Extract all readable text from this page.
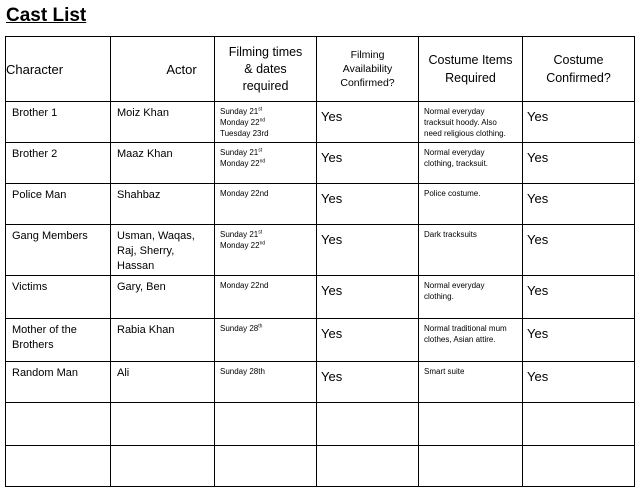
Cast List
Character	Actor	Filming times
& dates
required	Filming
Availability
Confirmed?	Costume Items
Required	Costume
Confirmed?

Brother 1	Moiz Khan	Sunday 21st
Monday 22nd
Tuesday 23rd	Yes	Normal everyday
tracksuit hoody. Also
need religious clothing.	Yes

Brother 2	Maaz Khan	Sunday 21st
Monday 22nd	Yes	Normal everyday
clothing, tracksuit.	Yes

Police Man	Shahbaz	Monday 22nd	Yes	Police costume.	Yes

Gang Members	Usman, Waqas,
Raj, Sherry,
Hassan	Sunday 21st
Monday 22nd	Yes	Dark tracksuits	Yes

Victims	Gary, Ben	Monday 22nd	Yes	Normal everyday
clothing.	Yes

Mother of the
Brothers	Rabia Khan	Sunday 28th	Yes	Normal traditional mum
clothes, Asian attire.	Yes

Random Man	Ali	Sunday 28th	Yes	Smart suite	Yes
